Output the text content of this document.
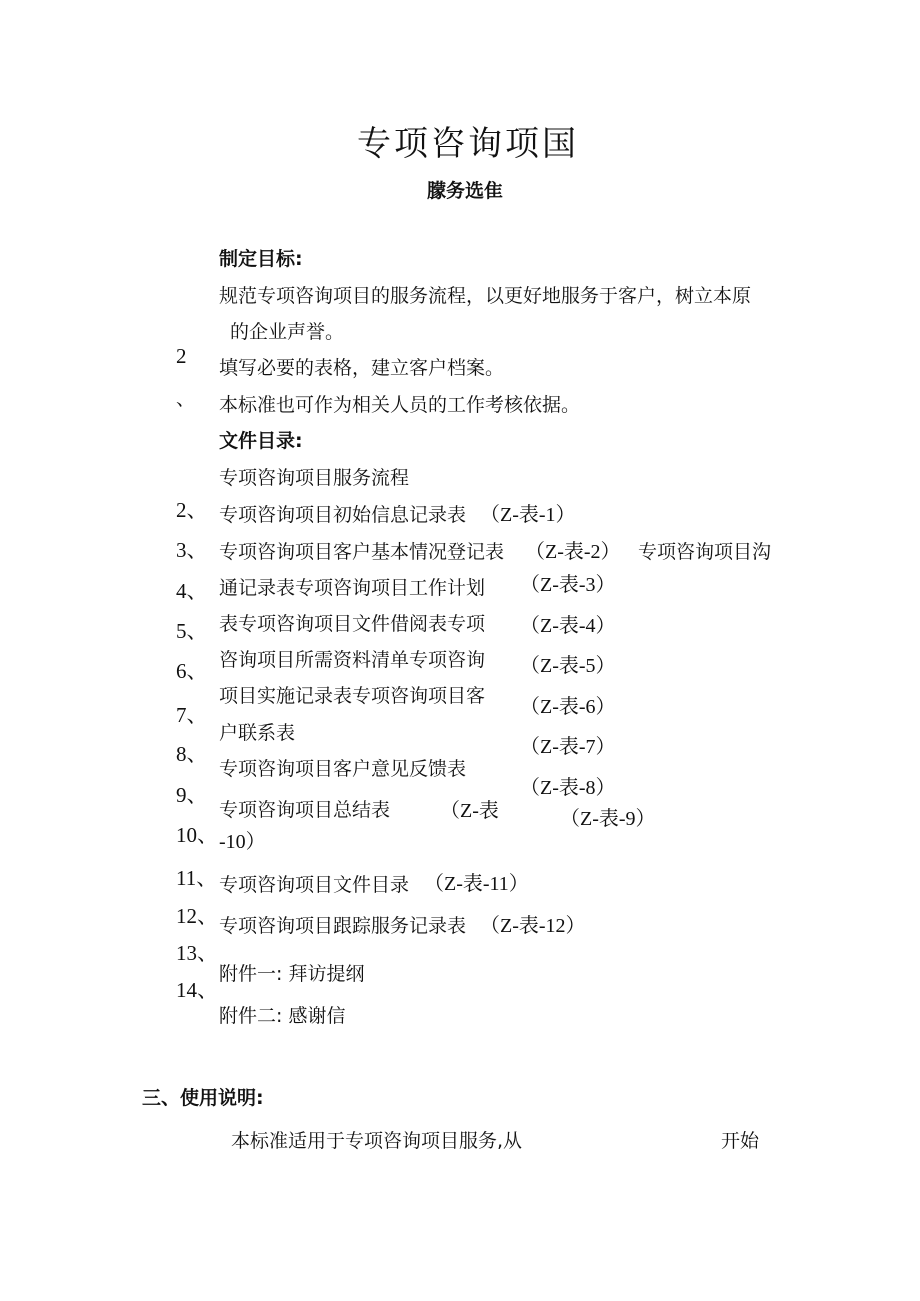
专项咨询项国
朦务选隹
制定目标:
规范专项咨询项目的服务流程，以更好地服务于客户，树立本原
的企业声誉。
2 填写必要的表格，建立客户档案。
、 本标准也可作为相关人员的工作考核依据。
文件目录:
专项咨询项目服务流程
2、
3、
4、
5、
6、
7、
8、
9、
10、
11、
12、
13、
14、
专项咨询项目初始信息记录表
专项咨询项目客户基本情况登记表	专项咨询项目沟
通记录表专项咨询项目工作计划
表专项咨询项目文件借阅表专项
咨询项目所需资料清单专项咨询
项目实施记录表专项咨询项目客
户联系表
专项咨询项目客户意见反馈表
专项咨询项目总结表
专项咨询项目文件目录
专项咨询项目跟踪服务记录表
附件一: 拜访提纲
附件二: 感谢信
（Z-表-1）
（Z-表-2）
（Z-表-3）
（Z-表-4）
（Z-表-5）
（Z-表-6）
（Z-表-7）
（Z-表-8）
（Z-表
-10）
（Z-表-11）
（Z-表-12）
（Z-表-9）
三、使用说明:
本标准适用于专项咨询项目服务,从	开始
